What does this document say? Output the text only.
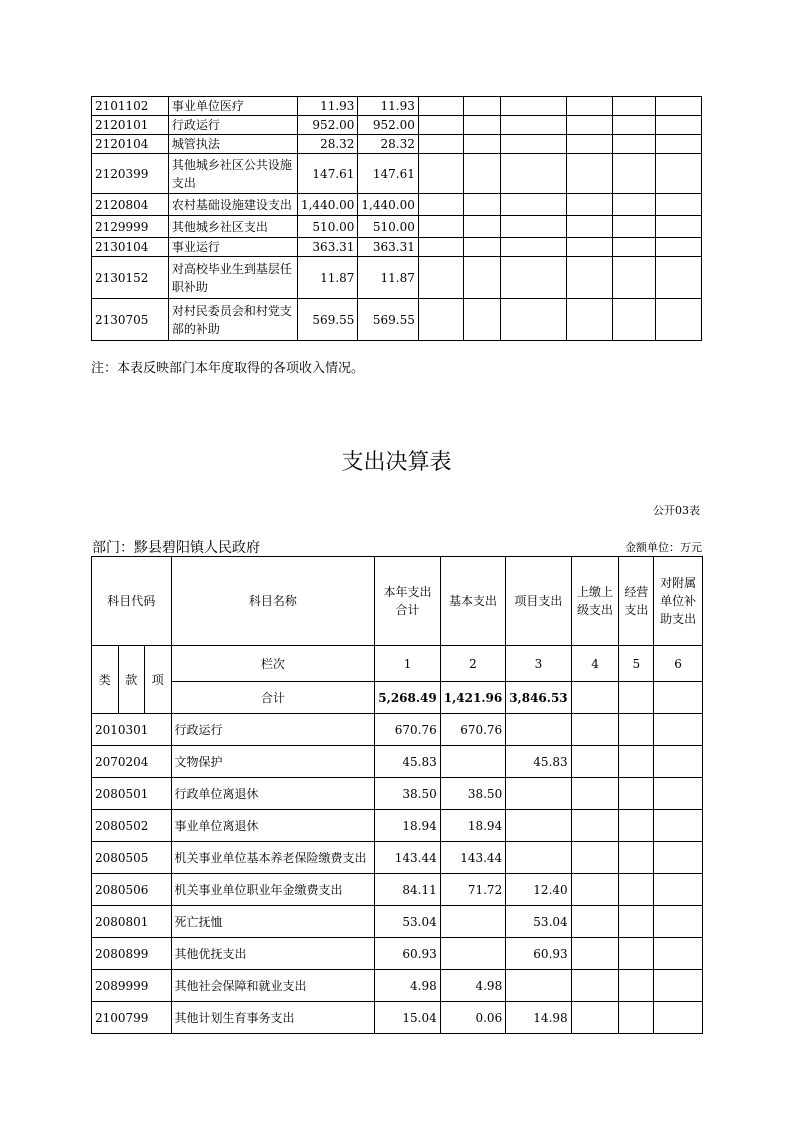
2101102	事业单位医疗	11.93	11.93						
2120101	行政运行	952.00	952.00						
2120104	城管执法	28.32	28.32						
2120399	其他城乡社区公共设施支出	147.61	147.61						
2120804	农村基础设施建设支出	1,440.00	1,440.00						
2129999	其他城乡社区支出	510.00	510.00						
2130104	事业运行	363.31	363.31						
2130152	对高校毕业生到基层任职补助	11.87	11.87						
2130705	对村民委员会和村党支部的补助	569.55	569.55						
注：本表反映部门本年度取得的各项收入情况。
支出决算表
公开03表
部门：黟县碧阳镇人民政府	金额单位：万元
科目代码			科目名称	本年支出合计	基本支出	项目支出	上缴上级支出	经营支出	对附属单位补助支出
类	款	项	栏次	1	2	3	4	5	6
			合计	5,268.49	1,421.96	3,846.53			
2010301			行政运行	670.76	670.76				
2070204			文物保护	45.83		45.83			
2080501			行政单位离退休	38.50	38.50				
2080502			事业单位离退休	18.94	18.94				
2080505			机关事业单位基本养老保险缴费支出	143.44	143.44				
2080506			机关事业单位职业年金缴费支出	84.11	71.72	12.40			
2080801			死亡抚恤	53.04		53.04			
2080899			其他优抚支出	60.93		60.93			
2089999			其他社会保障和就业支出	4.98	4.98				
2100799			其他计划生育事务支出	15.04	0.06	14.98			
